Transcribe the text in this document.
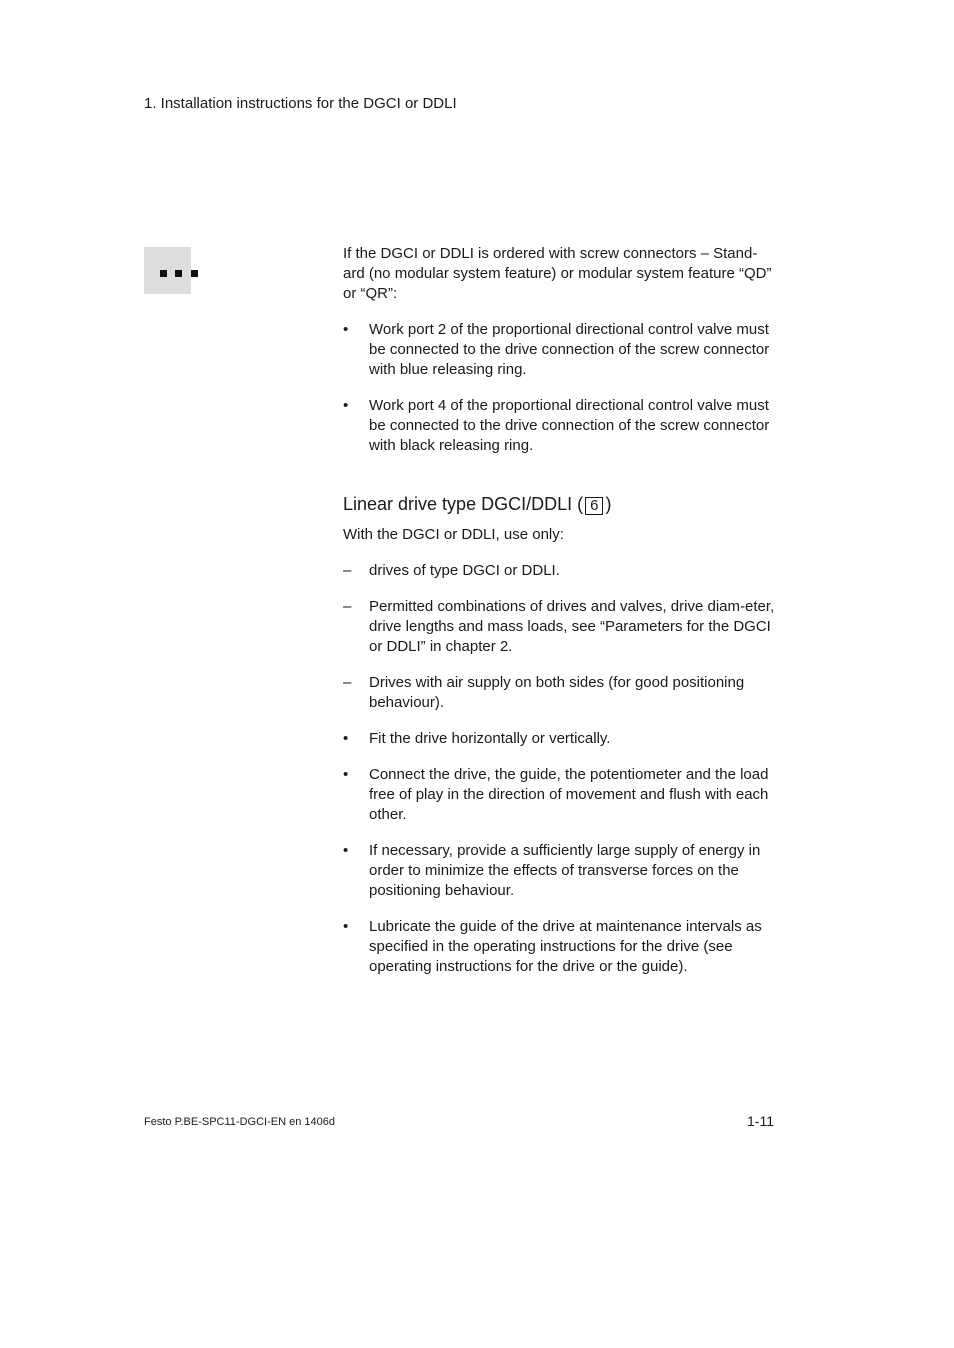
1. Installation instructions for the DGCI or DDLI

If the DGCI or DDLI is ordered with screw connectors – Stand-ard (no modular system feature) or modular system feature “QD” or “QR”:

•	Work port 2 of the proportional directional control valve must be connected to the drive connection of the screw connector with blue releasing ring.
•	Work port 4 of the proportional directional control valve must be connected to the drive connection of the screw connector with black releasing ring.

Linear drive type DGCI/DDLI ( 6 )

With the DGCI or DDLI, use only:

–	drives of type DGCI or DDLI.
–	Permitted combinations of drives and valves, drive diam-eter, drive lengths and mass loads, see “Parameters for the DGCI or DDLI” in chapter 2.
–	Drives with air supply on both sides (for good positioning behaviour).
•	Fit the drive horizontally or vertically.
•	Connect the drive, the guide, the potentiometer and the load free of play in the direction of movement and flush with each other.
•	If necessary, provide a sufficiently large supply of energy in order to minimize the effects of transverse forces on the positioning behaviour.
•	Lubricate the guide of the drive at maintenance intervals as specified in the operating instructions for the drive (see operating instructions for the drive or the guide).
Festo P.BE-SPC11-DGCI-EN en 1406d	1-11
